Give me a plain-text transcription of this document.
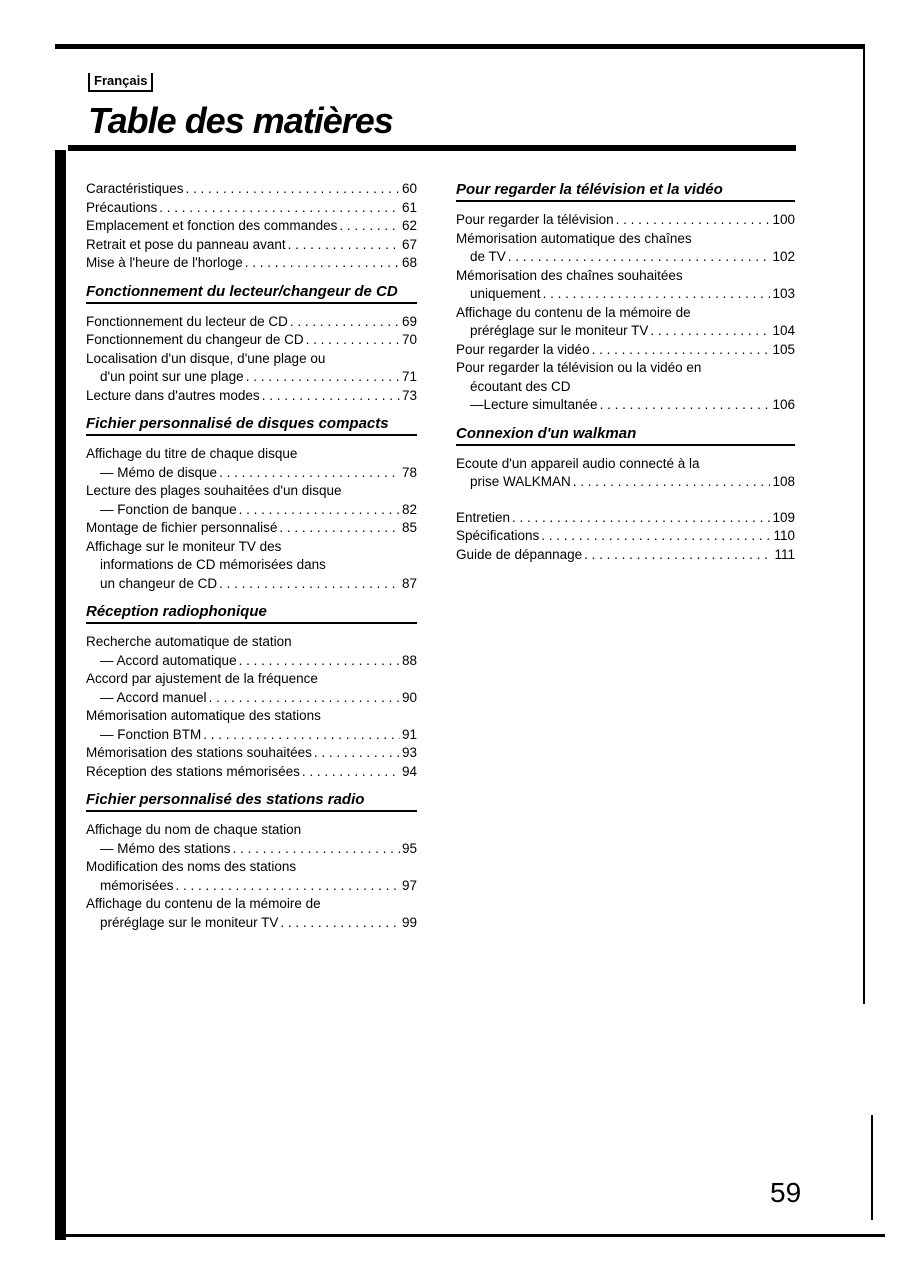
Français
Table des matières
Caractéristiques . . .	60
Précautions . . .	61
Emplacement et fonction des commandes . . .	62
Retrait et pose du panneau avant . . .	67
Mise à l'heure de l'horloge . . .	68
Fonctionnement du lecteur/changeur de CD
Fonctionnement du lecteur de CD . . .	69
Fonctionnement du changeur de CD . . .	70
Localisation d'un disque, d'une plage ou
d'un point sur une plage . . .	71
Lecture dans d'autres modes . . .	73
Fichier personnalisé de disques compacts
Affichage du titre de chaque disque
— Mémo de disque . . .	78
Lecture des plages souhaitées d'un disque
— Fonction de banque . . .	82
Montage de fichier personnalisé . . .	85
Affichage sur le moniteur TV des
informations de CD mémorisées dans
un changeur de CD . . .	87
Réception radiophonique
Recherche automatique de station
— Accord automatique . . .	88
Accord par ajustement de la fréquence
— Accord manuel . . .	90
Mémorisation automatique des stations
— Fonction BTM . . .	91
Mémorisation des stations souhaitées . . .	93
Réception des stations mémorisées . . .	94
Fichier personnalisé des stations radio
Affichage du nom de chaque station
— Mémo des stations . . .	95
Modification des noms des stations
mémorisées . . .	97
Affichage du contenu de la mémoire de
préréglage sur le moniteur TV . . .	99
Pour regarder la télévision et la vidéo
Pour regarder la télévision . . .	100
Mémorisation automatique des chaînes
de TV . . .	102
Mémorisation des chaînes souhaitées
uniquement . . .	103
Affichage du contenu de la mémoire de
préréglage sur le moniteur TV . . .	104
Pour regarder la vidéo . . .	105
Pour regarder la télévision ou la vidéo en
écoutant des CD
—Lecture simultanée . . .	106
Connexion d'un walkman
Ecoute d'un appareil audio connecté à la
prise WALKMAN . . .	108
Entretien . . .	109
Spécifications . . .	110
Guide de dépannage . . .	111
59
